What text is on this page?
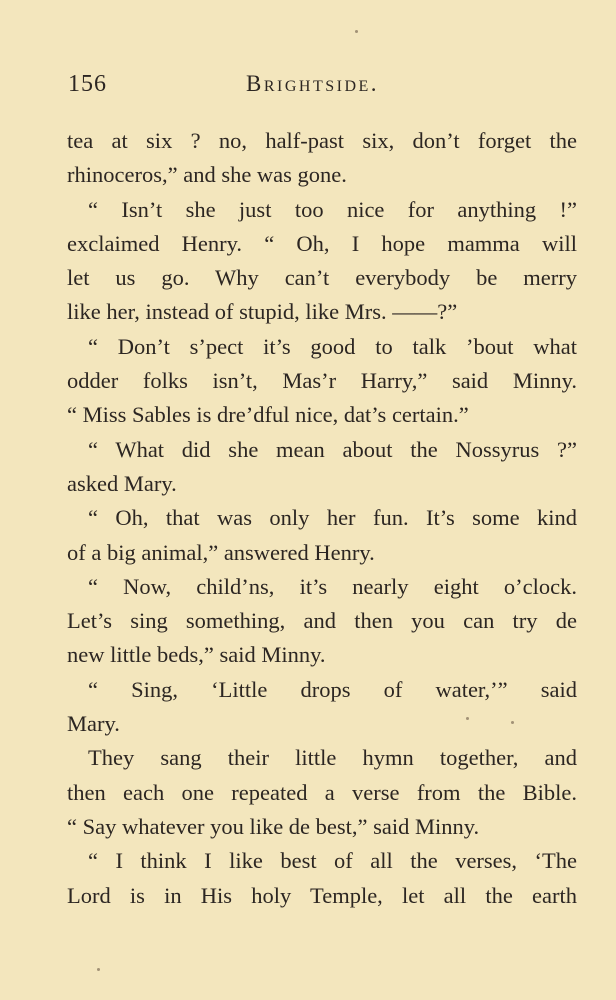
156	Brightside.
tea at six ? no, half-past six, don’t forget the
rhinoceros,” and she was gone.
“ Isn’t she just too nice for anything !”
exclaimed Henry. “ Oh, I hope mamma will
let us go. Why can’t everybody be merry
like her, instead of stupid, like Mrs. ——?”
“ Don’t s’pect it’s good to talk ’bout what
odder folks isn’t, Mas’r Harry,” said Minny.
“ Miss Sables is dre’dful nice, dat’s certain.”
“ What did she mean about the Nossyrus ?”
asked Mary.
“ Oh, that was only her fun. It’s some kind
of a big animal,” answered Henry.
“ Now, child’ns, it’s nearly eight o’clock.
Let’s sing something, and then you can try de
new little beds,” said Minny.
“ Sing, ‘Little drops of water,’” said
Mary.
They sang their little hymn together, and
then each one repeated a verse from the Bible.
“ Say whatever you like de best,” said Minny.
“ I think I like best of all the verses, ‘The
Lord is in His holy Temple, let all the earth
